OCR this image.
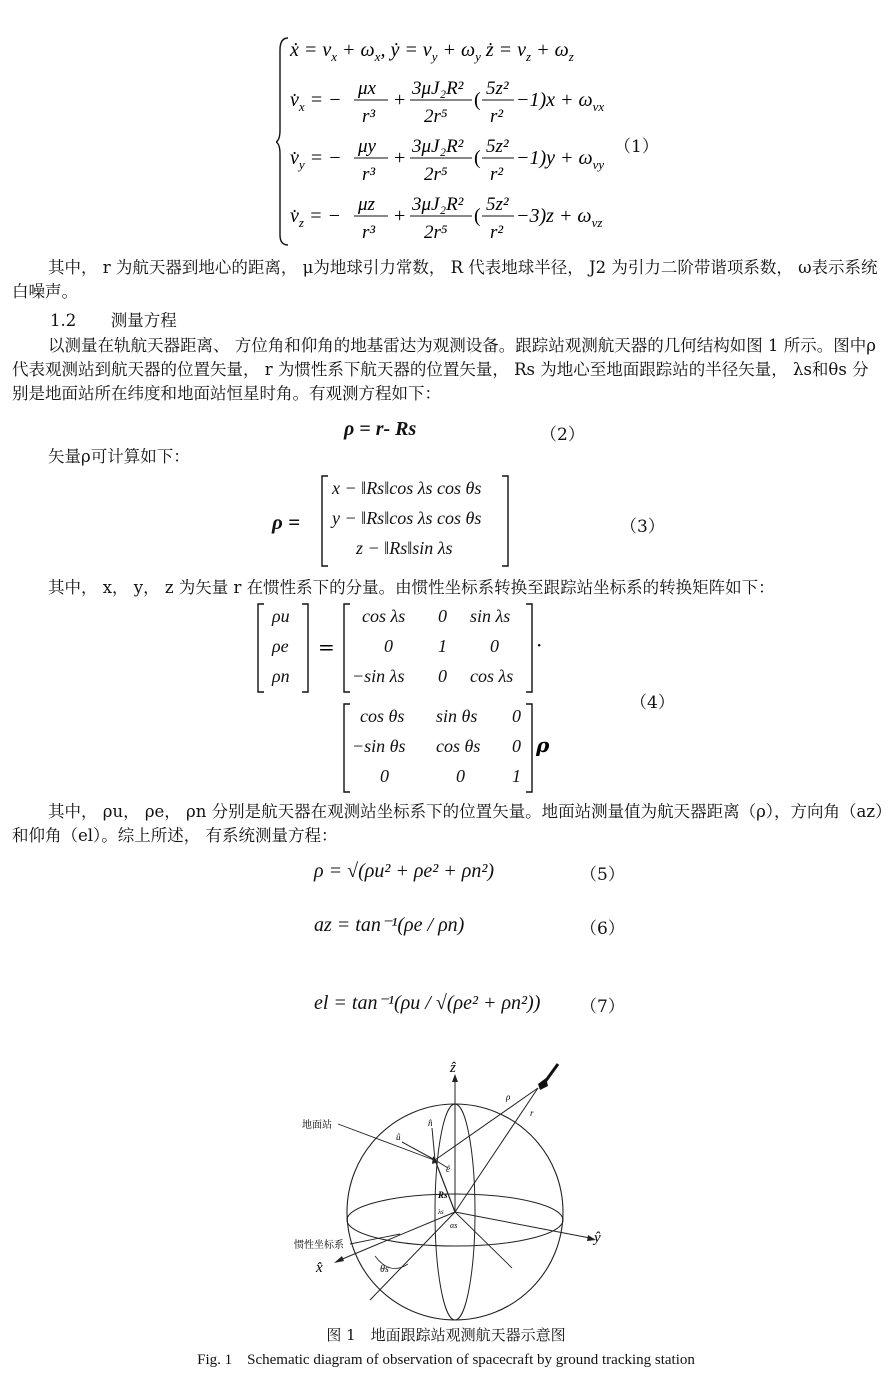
ẋ = $v_x + \omega_x$, ẏ = $v_y + \omega_y$ ż = $v_z + \omega_z$
$v̇_x$ = −
μx
r³
+
3μJ₂R²
2r⁵
(
5z²
r²
$-1)x + \omega_{vx}$
$v̇_y$ = −
μy
r³
+
3μJ₂R²
2r⁵
(
5z²
r²
$-1)y + \omega_{vy}$
$v̇_z$ = −
μz
r³
+
3μJ₂R²
2r⁵
(
5z²
r²
$-3)z + \omega_{vz}$
（1）
其中， r 为航天器到地心的距离， μ为地球引力常数， R 代表地球半径， J2 为引力二阶带谐项系数， ω表示系统白噪声。
1.2 测量方程
以测量在轨航天器距离、 方位角和仰角的地基雷达为观测设备。跟踪站观测航天器的几何结构如图 1 所示。图中ρ代表观测站到航天器的位置矢量， r 为惯性系下航天器的位置矢量， Rs 为地心至地面跟踪站的半径矢量， λs和θs 分别是地面站所在纬度和地面站恒星时角。有观测方程如下：
ρ = r- Rs	（2）
矢量ρ可计算如下：
ρ =
x − ‖Rs‖cos λs cos θs
y − ‖Rs‖cos λs cos θs
z − ‖Rs‖sin λs
（3）
其中， x， y， z 为矢量 r 在惯性系下的分量。由惯性坐标系转换至跟踪站坐标系的转换矩阵如下：
=	·
ρ
ρu
ρe
ρn
cos λs 0 sin λs
0	1 0
−sin λs 0 cos λs
cos θs sin θs 0
−sin θs cos θs 0
0	0	1
（4）
其中， ρu， ρe， ρn 分别是航天器在观测站坐标系下的位置矢量。地面站测量值为航天器距离（ρ），方向角（az）和仰角（el）。综上所述， 有系统测量方程：
ρ = √(ρu² + ρe² + ρn²)	（5）
az = tan⁻¹(ρe / ρn)	（6）
el = tan⁻¹(ρu / √(ρe² + ρn²)) （7）
ẑ
ŷ
x̂	θs
αs
Rs
λs
n̂
û
ê
ρ
r
地面站
惯性坐标系
图 1　地面跟踪站观测航天器示意图
Fig. 1　Schematic diagram of observation of spacecraft by ground tracking station
